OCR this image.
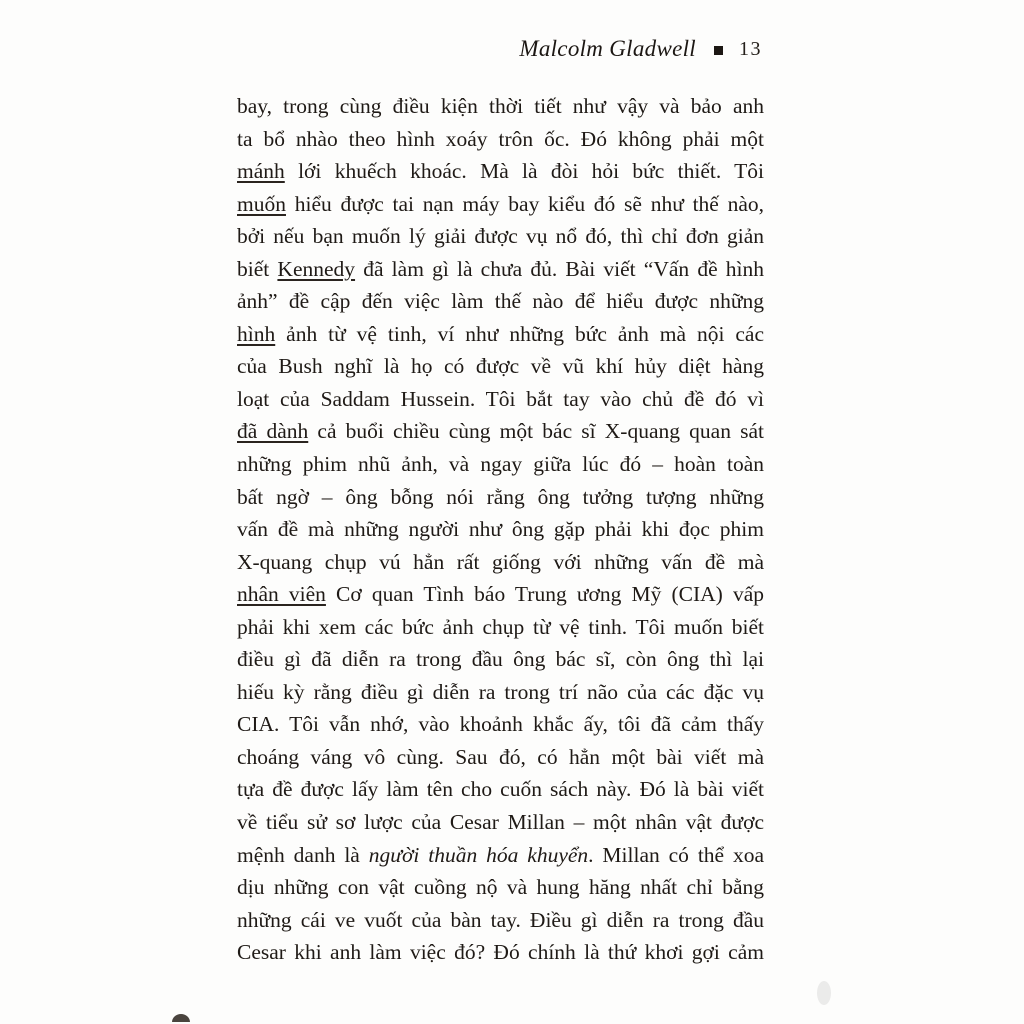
Malcolm Gladwell 13
bay, trong cùng điều kiện thời tiết như vậy và bảo anh
ta bổ nhào theo hình xoáy trôn ốc. Đó không phải một
mánh lới khuếch khoác. Mà là đòi hỏi bức thiết. Tôi
muốn hiểu được tai nạn máy bay kiểu đó sẽ như thế nào,
bởi nếu bạn muốn lý giải được vụ nổ đó, thì chỉ đơn giản
biết Kennedy đã làm gì là chưa đủ. Bài viết “Vấn đề hình
ảnh” đề cập đến việc làm thế nào để hiểu được những
hình ảnh từ vệ tinh, ví như những bức ảnh mà nội các
của Bush nghĩ là họ có được về vũ khí hủy diệt hàng
loạt của Saddam Hussein. Tôi bắt tay vào chủ đề đó vì
đã dành cả buổi chiều cùng một bác sĩ X-quang quan sát
những phim nhũ ảnh, và ngay giữa lúc đó – hoàn toàn
bất ngờ – ông bỗng nói rằng ông tưởng tượng những
vấn đề mà những người như ông gặp phải khi đọc phim
X-quang chụp vú hẳn rất giống với những vấn đề mà
nhân viên Cơ quan Tình báo Trung ương Mỹ (CIA) vấp
phải khi xem các bức ảnh chụp từ vệ tinh. Tôi muốn biết
điều gì đã diễn ra trong đầu ông bác sĩ, còn ông thì lại
hiếu kỳ rằng điều gì diễn ra trong trí não của các đặc vụ
CIA. Tôi vẫn nhớ, vào khoảnh khắc ấy, tôi đã cảm thấy
choáng váng vô cùng. Sau đó, có hẳn một bài viết mà
tựa đề được lấy làm tên cho cuốn sách này. Đó là bài viết
về tiểu sử sơ lược của Cesar Millan – một nhân vật được
mệnh danh là người thuần hóa khuyển. Millan có thể xoa
dịu những con vật cuồng nộ và hung hăng nhất chỉ bằng
những cái ve vuốt của bàn tay. Điều gì diễn ra trong đầu
Cesar khi anh làm việc đó? Đó chính là thứ khơi gợi cảm
